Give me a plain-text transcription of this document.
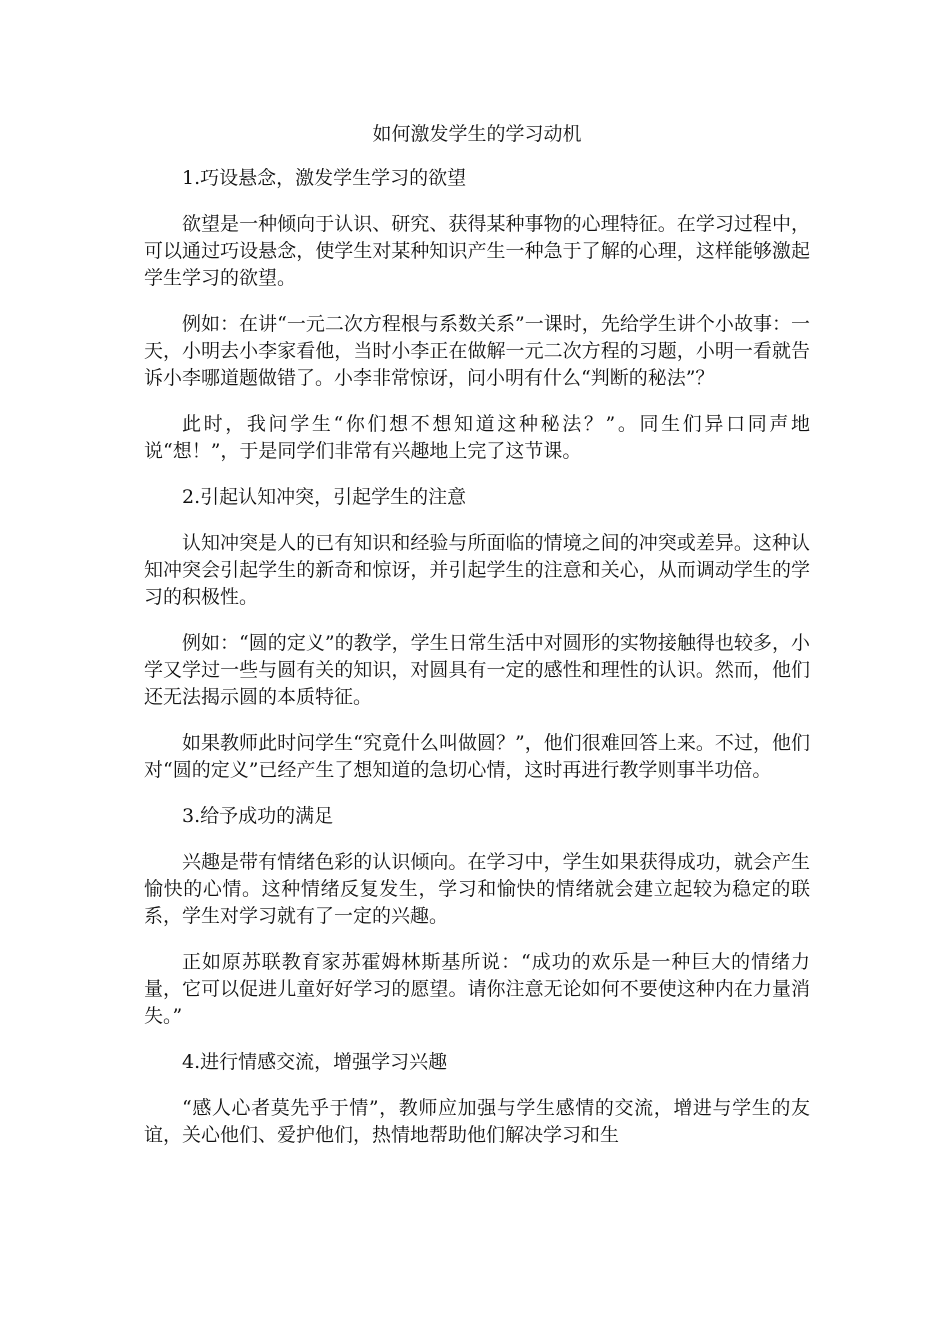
如何激发学生的学习动机

1.巧设悬念，激发学生学习的欲望

欲望是一种倾向于认识、研究、获得某种事物的心理特征。在学习过程中，可以通过巧设悬念，使学生对某种知识产生一种急于了解的心理，这样能够激起学生学习的欲望。

例如：在讲“一元二次方程根与系数关系”一课时，先给学生讲个小故事：一天，小明去小李家看他，当时小李正在做解一元二次方程的习题，小明一看就告诉小李哪道题做错了。小李非常惊讶，问小明有什么“判断的秘法”？

此时，我问学生“你们想不想知道这种秘法？”。同生们异口同声地说“想！”，于是同学们非常有兴趣地上完了这节课。

2.引起认知冲突，引起学生的注意

认知冲突是人的已有知识和经验与所面临的情境之间的冲突或差异。这种认知冲突会引起学生的新奇和惊讶，并引起学生的注意和关心，从而调动学生的学习的积极性。

例如：“圆的定义”的教学，学生日常生活中对圆形的实物接触得也较多，小学又学过一些与圆有关的知识，对圆具有一定的感性和理性的认识。然而，他们还无法揭示圆的本质特征。

如果教师此时问学生“究竟什么叫做圆？”，他们很难回答上来。不过，他们对“圆的定义”已经产生了想知道的急切心情，这时再进行教学则事半功倍。

3.给予成功的满足

兴趣是带有情绪色彩的认识倾向。在学习中，学生如果获得成功，就会产生愉快的心情。这种情绪反复发生，学习和愉快的情绪就会建立起较为稳定的联系，学生对学习就有了一定的兴趣。

正如原苏联教育家苏霍姆林斯基所说：“成功的欢乐是一种巨大的情绪力量，它可以促进儿童好好学习的愿望。请你注意无论如何不要使这种内在力量消失。”

4.进行情感交流，增强学习兴趣

“感人心者莫先乎于情”，教师应加强与学生感情的交流，增进与学生的友谊，关心他们、爱护他们，热情地帮助他们解决学习和生
